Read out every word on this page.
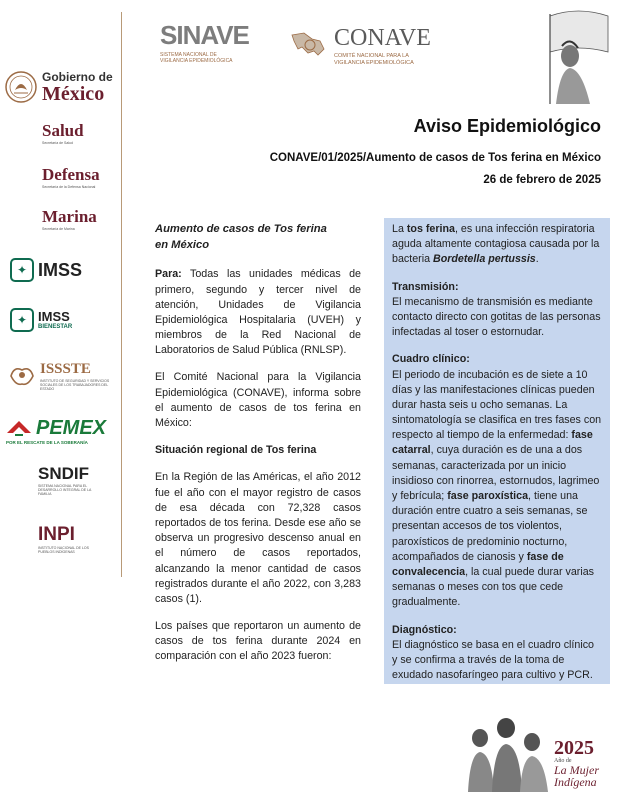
Gobierno de
México
Salud
Secretaría de Salud
Defensa
Secretaría de la Defensa Nacional
Marina
Secretaría de Marina
✦ IMSS
✦ IMSS
BIENESTAR
ISSSTE
INSTITUTO DE SEGURIDAD Y SERVICIOS SOCIALES DE LOS TRABAJADORES DEL ESTADO
PEMEX
POR EL RESCATE DE LA SOBERANÍA
SNDIF
SISTEMA NACIONAL PARA EL DESARROLLO INTEGRAL DE LA FAMILIA
INPI
INSTITUTO NACIONAL DE LOS PUEBLOS INDÍGENAS
SINAVE
SISTEMA NACIONAL DE
VIGILANCIA EPIDEMIOLÓGICA
CONAVE
COMITÉ NACIONAL PARA LA
VIGILANCIA EPIDEMIOLÓGICA
Aviso Epidemiológico
CONAVE/01/2025/Aumento de casos de Tos ferina en México
26 de febrero de 2025
Aumento de casos de Tos ferina
en México

Para: Todas las unidades médicas de primero, segundo y tercer nivel de atención, Unidades de Vigilancia Epidemiológica Hospitalaria (UVEH) y miembros de la Red Nacional de Laboratorios de Salud Pública (RNLSP).

El Comité Nacional para la Vigilancia Epidemiológica (CONAVE), informa sobre el aumento de casos de tos ferina en México:

Situación regional de Tos ferina

En la Región de las Américas, el año 2012 fue el año con el mayor registro de casos de esa década con 72,328 casos reportados de tos ferina. Desde ese año se observa un progresivo descenso anual en el número de casos reportados, alcanzando la menor cantidad de casos registrados durante el año 2022, con 3,283 casos (1).

Los países que reportaron un aumento de casos de tos ferina durante 2024 en comparación con el año 2023 fueron:

La tos ferina, es una infección respiratoria aguda altamente contagiosa causada por la bacteria Bordetella pertussis.

Transmisión:
El mecanismo de transmisión es mediante contacto directo con gotitas de las personas infectadas al toser o estornudar.

Cuadro clínico:
El periodo de incubación es de siete a 10 días y las manifestaciones clínicas pueden durar hasta seis u ocho semanas. La sintomatología se clasifica en tres fases con respecto al tiempo de la enfermedad: fase catarral, cuya duración es de una a dos semanas, caracterizada por un inicio insidioso con rinorrea, estornudos, lagrimeo y febrícula; fase paroxística, tiene una duración entre cuatro a seis semanas, se presentan accesos de tos violentos, paroxísticos de predominio nocturno, acompañados de cianosis y fase de convalecencia, la cual puede durar varias semanas o meses con tos que cede gradualmente.

Diagnóstico:
El diagnóstico se basa en el cuadro clínico y se confirma a través de la toma de exudado nasofaríngeo para cultivo y PCR.

2025
Año de
La Mujer
Indígena
